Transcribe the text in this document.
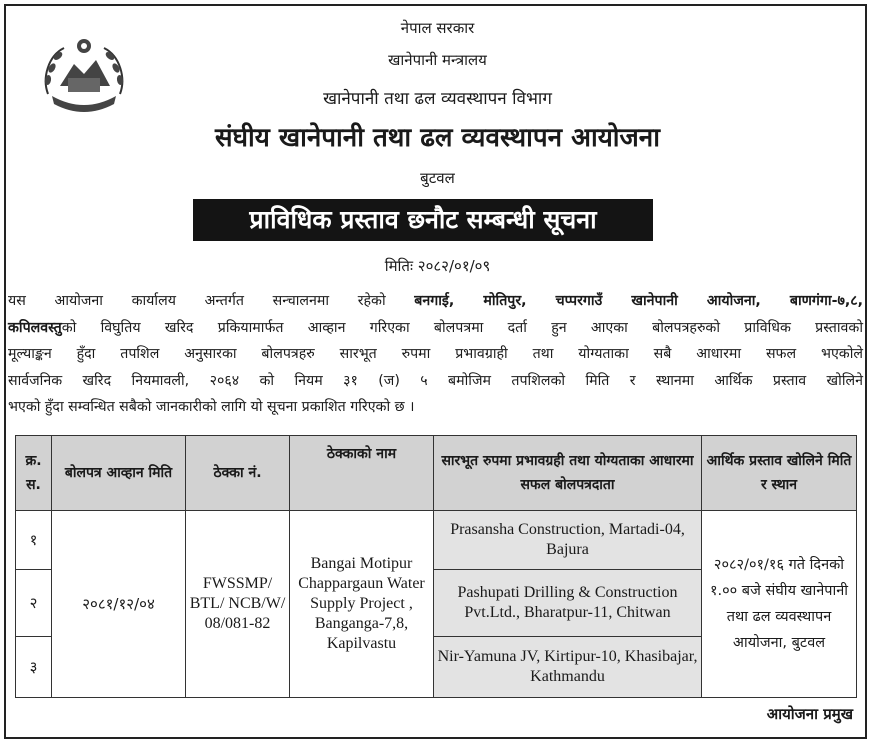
नेपाल सरकार
खानेपानी मन्त्रालय
खानेपानी तथा ढल व्यवस्थापन विभाग
संघीय खानेपानी तथा ढल व्यवस्थापन आयोजना
बुटवल
प्राविधिक प्रस्ताव छनौट सम्बन्धी सूचना
मितिः २०८२/०१/०९
यस आयोजना कार्यालय अन्तर्गत सन्चालनमा रहेको बनगाई, मोतिपुर, चप्परगाउँ खानेपानी आयोजना, बाणगंगा-७,८,
कपिलवस्तुको विघुतिय खरिद प्रकियामार्फत आव्हान गरिएका बोलपत्रमा दर्ता हुन आएका बोलपत्रहरुको प्राविधिक प्रस्तावको
मूल्याङ्कन हुँदा तपशिल अनुसारका बोलपत्रहरु सारभूत रुपमा प्रभावग्राही तथा योग्यताका सबै आधारमा सफल भएकोले
सार्वजनिक खरिद नियमावली, २०६४ को नियम ३१ (ज) ५ बमोजिम तपशिलको मिति र स्थानमा आर्थिक प्रस्ताव खोलिने
भएको हुँदा सम्वन्धित सबैको जानकारीको लागि यो सूचना प्रकाशित गरिएको छ ।
क्र. स.	बोलपत्र आव्हान मिति	ठेक्का नं.	ठेक्काको नाम	सारभूत रुपमा प्रभावग्रही तथा योग्यताका आधारमा सफल बोलपत्रदाता	आर्थिक प्रस्ताव खोलिने मिति र स्थान
१	२०८१/१२/०४	FWSSMP/ BTL/ NCB/W/ 08/081-82	Bangai Motipur Chappargaun Water Supply Project , Banganga-7,8, Kapilvastu	Prasansha Construction, Martadi-04, Bajura	२०८२/०१/१६ गते दिनको १.०० बजे संघीय खानेपानी तथा ढल व्यवस्थापन आयोजना, बुटवल
२				Pashupati Drilling & Construction Pvt.Ltd., Bharatpur-11, Chitwan	
३				Nir-Yamuna JV, Kirtipur-10, Khasibajar, Kathmandu	
आयोजना प्रमुख
